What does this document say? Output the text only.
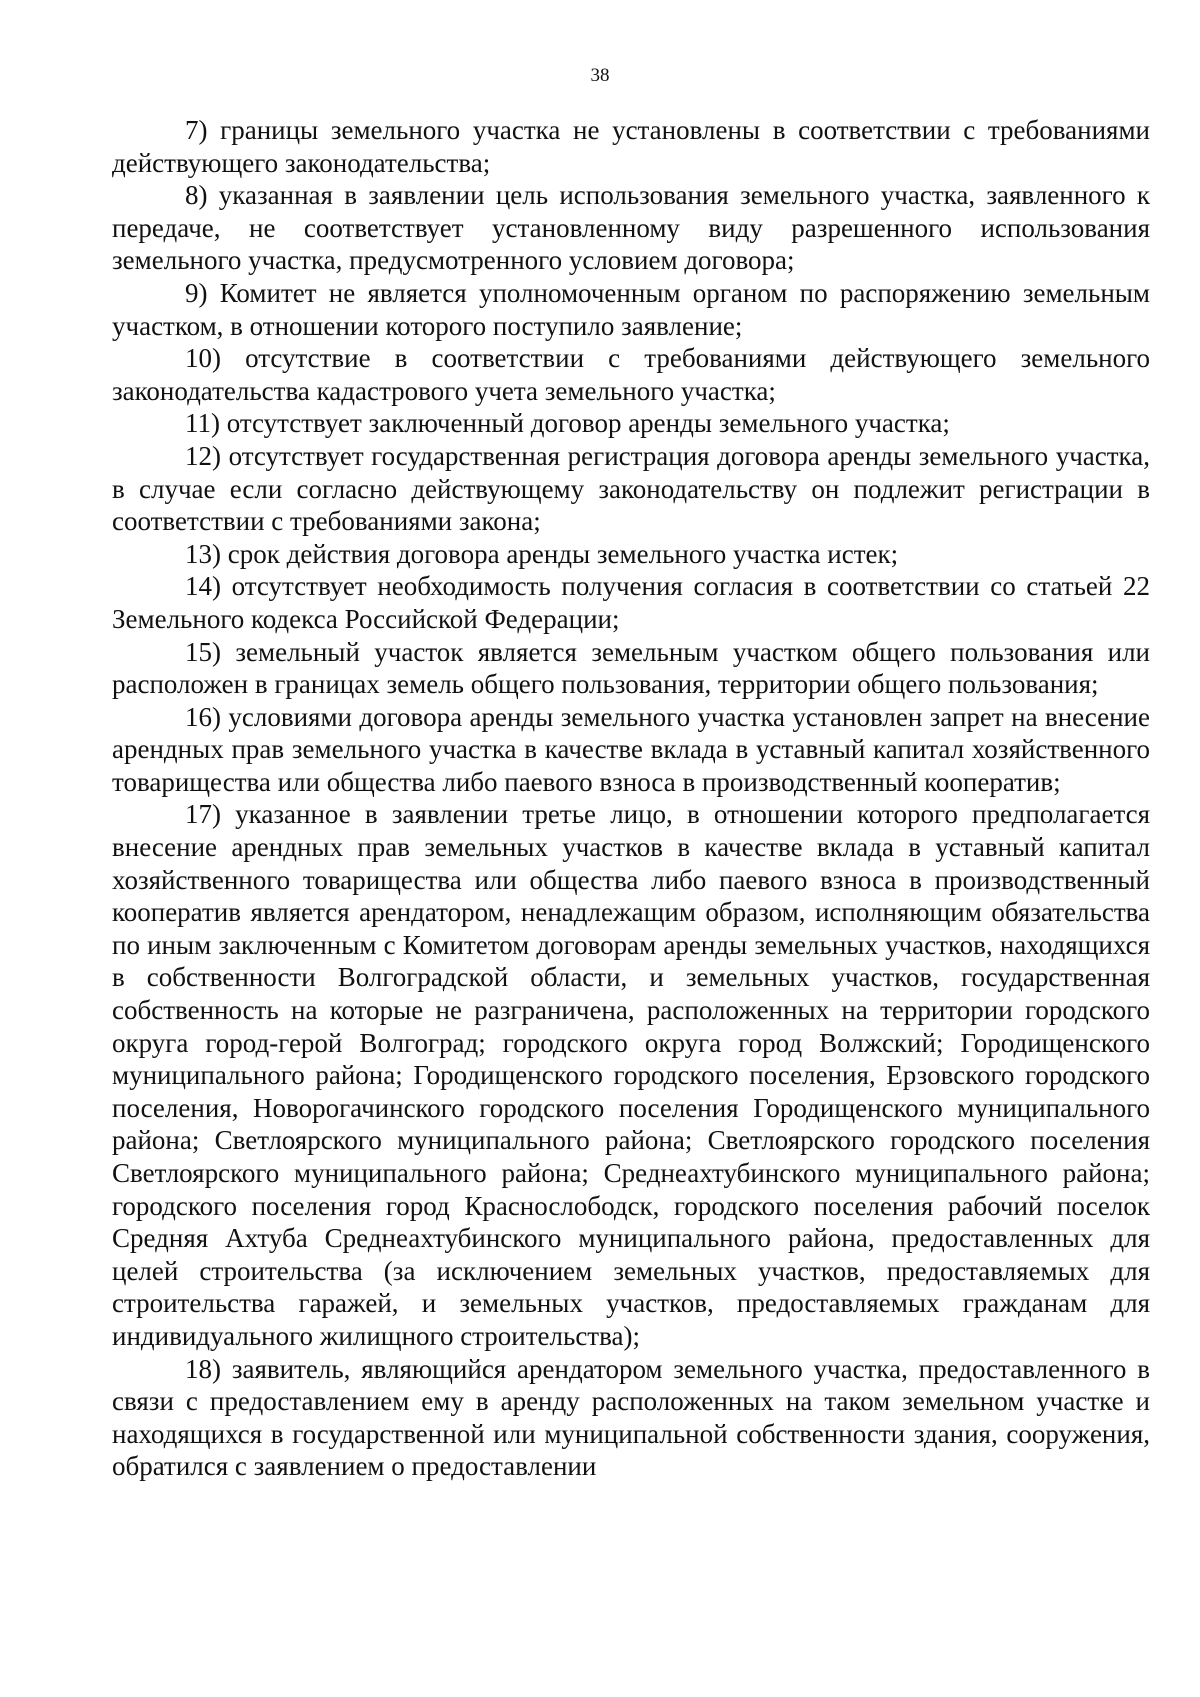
38

7) границы земельного участка не установлены в соответствии с требованиями действующего законодательства;

8) указанная в заявлении цель использования земельного участка, заявленного к передаче, не соответствует установленному виду разрешенного использования земельного участка, предусмотренного условием договора;

9) Комитет не является уполномоченным органом по распоряжению земельным участком, в отношении которого поступило заявление;

10) отсутствие в соответствии с требованиями действующего земельного законодательства кадастрового учета земельного участка;

11) отсутствует заключенный договор аренды земельного участка;

12) отсутствует государственная регистрация договора аренды земельного участка, в случае если согласно действующему законодательству он подлежит регистрации в соответствии с требованиями закона;

13) срок действия договора аренды земельного участка истек;

14) отсутствует необходимость получения согласия в соответствии со статьей 22 Земельного кодекса Российской Федерации;

15) земельный участок является земельным участком общего пользования или расположен в границах земель общего пользования, территории общего пользования;

16) условиями договора аренды земельного участка установлен запрет на внесение арендных прав земельного участка в качестве вклада в уставный капитал хозяйственного товарищества или общества либо паевого взноса в производственный кооператив;

17) указанное в заявлении третье лицо, в отношении которого предполагается внесение арендных прав земельных участков в качестве вклада в уставный капитал хозяйственного товарищества или общества либо паевого взноса в производственный кооператив является арендатором, ненадлежащим образом, исполняющим обязательства по иным заключенным с Комитетом договорам аренды земельных участков, находящихся в собственности Волгоградской области, и земельных участков, государственная собственность на которые не разграничена, расположенных на территории городского округа город-герой Волгоград; городского округа город Волжский; Городищенского муниципального района; Городищенского городского поселения, Ерзовского городского поселения, Новорогачинского городского поселения Городищенского муниципального района; Светлоярского муниципального района; Светлоярского городского поселения Светлоярского муниципального района; Среднеахтубинского муниципального района; городского поселения город Краснослободск, городского поселения рабочий поселок Средняя Ахтуба Среднеахтубинского муниципального района, предоставленных для целей строительства (за исключением земельных участков, предоставляемых для строительства гаражей, и земельных участков, предоставляемых гражданам для индивидуального жилищного строительства);

18) заявитель, являющийся арендатором земельного участка, предоставленного в связи с предоставлением ему в аренду расположенных на таком земельном участке и находящихся в государственной или муниципальной собственности здания, сооружения, обратился с заявлением о предоставлении
